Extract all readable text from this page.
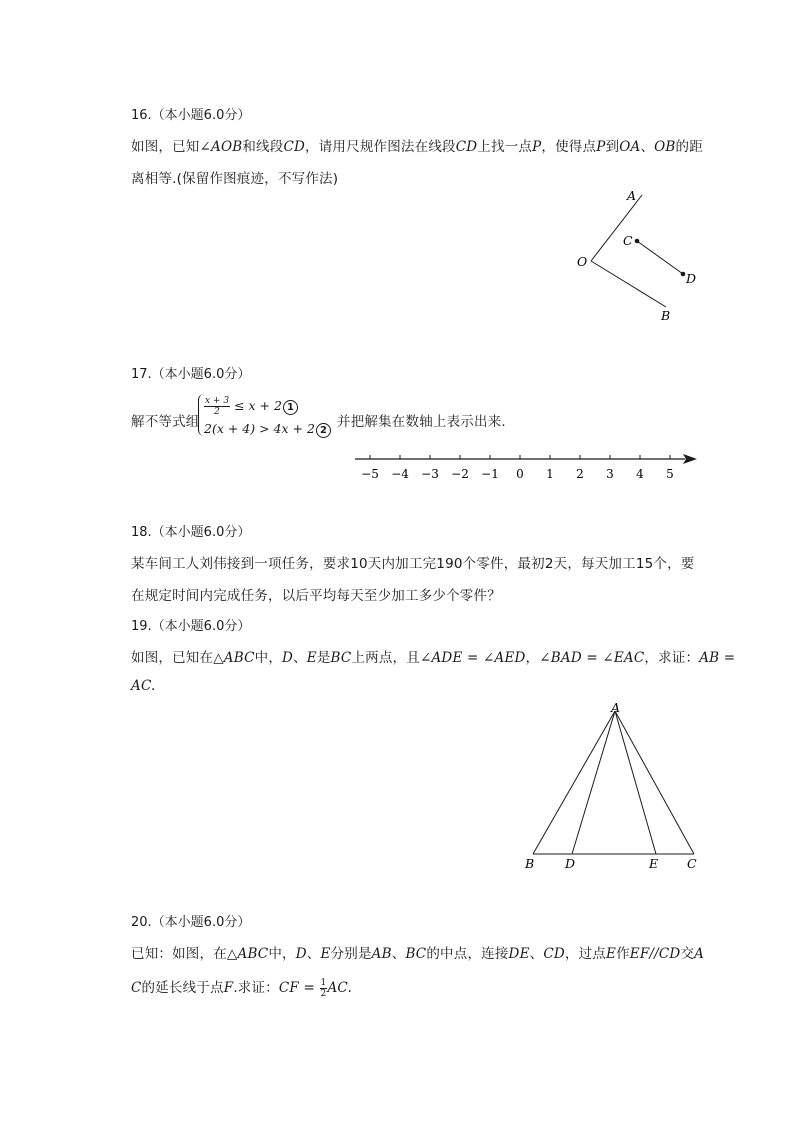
16.（本小题6.0分）
如图，已知∠AOB和线段CD，请用尺规作图法在线段CD上找一点P，使得点P到OA、OB的距
离相等.(保留作图痕迹，不写作法)
A
C
O
D
B
17.（本小题6.0分）
解不等式组
$\frac{x + 3}{2} \le x + 2$ 1
2(x + 4) > 4x + 2 2
并把解集在数轴上表示出来.
−5 −4 −3 −2 −1 0 1 2 3 4 5
18.（本小题6.0分）
某车间工人刘伟接到一项任务，要求10天内加工完190个零件，最初2天，每天加工15个，要
在规定时间内完成任务，以后平均每天至少加工多少个零件？
19.（本小题6.0分）
如图，已知在△ABC中，D、E是BC上两点，且∠ADE = ∠AED，∠BAD = ∠EAC，求证：AB =
AC.
A
B D	E C
20.（本小题6.0分）
已知：如图，在△ABC中，D、E分别是AB、BC的中点，连接DE、CD，过点E作EF//CD交A
C的延长线于点F.求证：CF = $\frac{1}{2}$ AC.
